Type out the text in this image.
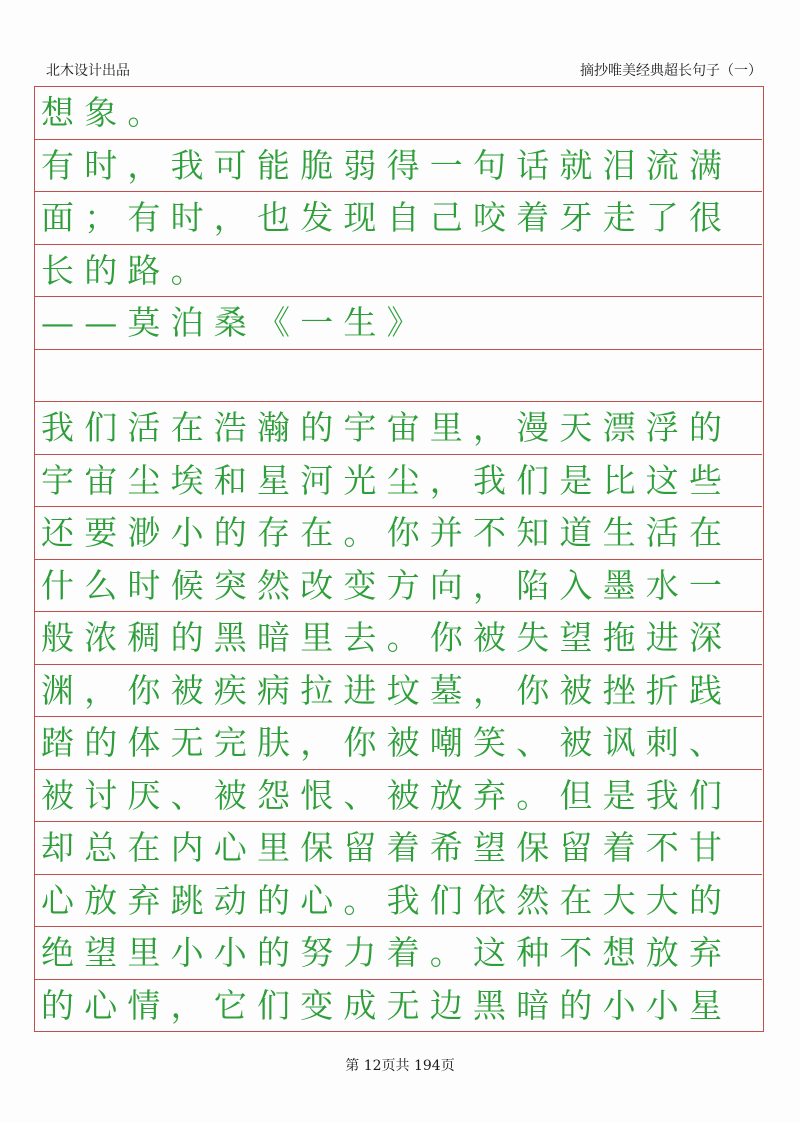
北木设计出品	摘抄唯美经典超长句子（一）
想象。
有时，我可能脆弱得一句话就泪流满
面；有时，也发现自己咬着牙走了很
长的路。
——莫泊桑《一生》
我们活在浩瀚的宇宙里，漫天漂浮的
宇宙尘埃和星河光尘，我们是比这些
还要渺小的存在。你并不知道生活在
什么时候突然改变方向，陷入墨水一
般浓稠的黑暗里去。你被失望拖进深
渊，你被疾病拉进坟墓，你被挫折践
踏的体无完肤，你被嘲笑、被讽刺、
被讨厌、被怨恨、被放弃。但是我们
却总在内心里保留着希望保留着不甘
心放弃跳动的心。我们依然在大大的
绝望里小小的努力着。这种不想放弃
的心情，它们变成无边黑暗的小小星
第 12页共 194页
